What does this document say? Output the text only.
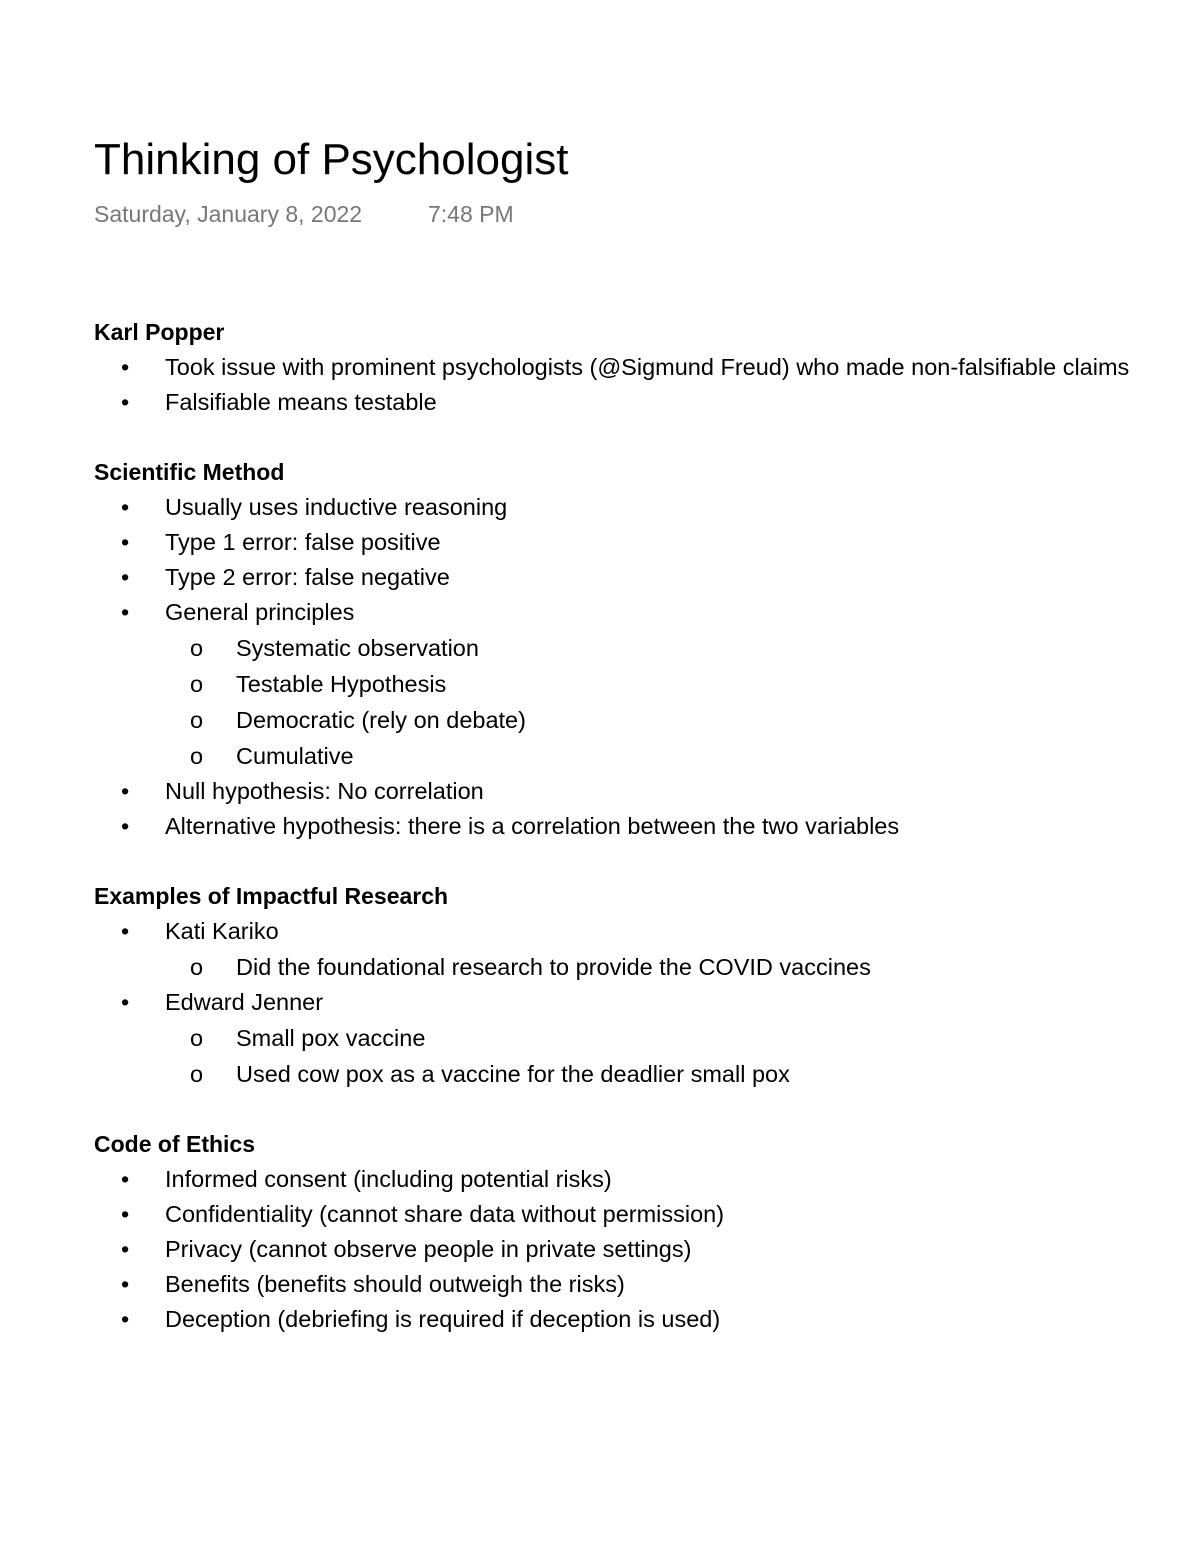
Thinking of Psychologist
Saturday, January 8, 2022	7:48 PM
Karl Popper
• Took issue with prominent psychologists (@Sigmund Freud) who made non-falsifiable claims
• Falsifiable means testable
Scientific Method
• Usually uses inductive reasoning
• Type 1 error: false positive
• Type 2 error: false negative
• General principles
o Systematic observation
o Testable Hypothesis
o Democratic (rely on debate)
o Cumulative
• Null hypothesis: No correlation
• Alternative hypothesis: there is a correlation between the two variables
Examples of Impactful Research
• Kati Kariko
o Did the foundational research to provide the COVID vaccines
• Edward Jenner
o Small pox vaccine
o Used cow pox as a vaccine for the deadlier small pox
Code of Ethics
• Informed consent (including potential risks)
• Confidentiality (cannot share data without permission)
• Privacy (cannot observe people in private settings)
• Benefits (benefits should outweigh the risks)
• Deception (debriefing is required if deception is used)
